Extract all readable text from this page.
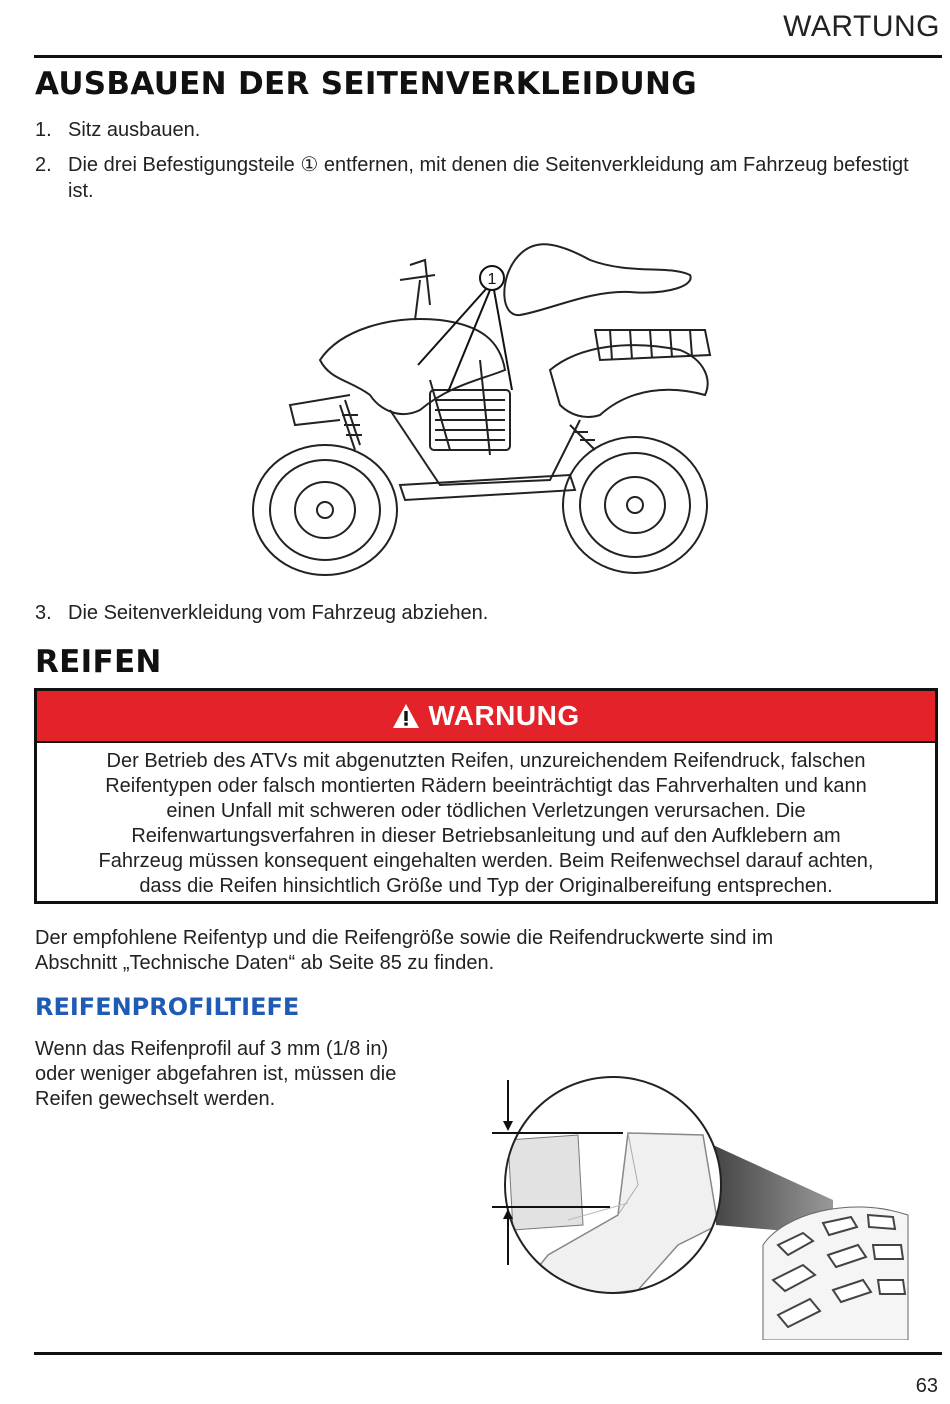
WARTUNG
AUSBAUEN DER SEITENVERKLEIDUNG
1. Sitz ausbauen.
2. Die drei Befestigungsteile ① entfernen, mit denen die Seitenverkleidung am Fahrzeug befestigt ist.
1
3. Die Seitenverkleidung vom Fahrzeug abziehen.
REIFEN
WARNUNG
Der Betrieb des ATVs mit abgenutzten Reifen, unzureichendem Reifendruck, falschen
Reifentypen oder falsch montierten Rädern beeinträchtigt das Fahrverhalten und kann
einen Unfall mit schweren oder tödlichen Verletzungen verursachen. Die
Reifenwartungsverfahren in dieser Betriebsanleitung und auf den Aufklebern am
Fahrzeug müssen konsequent eingehalten werden. Beim Reifenwechsel darauf achten,
dass die Reifen hinsichtlich Größe und Typ der Originalbereifung entsprechen.
Der empfohlene Reifentyp und die Reifengröße sowie die Reifendruckwerte sind im
Abschnitt „Technische Daten“ ab Seite 85 zu finden.
REIFENPROFILTIEFE
Wenn das Reifenprofil auf 3 mm (1/8 in)
oder weniger abgefahren ist, müssen die
Reifen gewechselt werden.
63
